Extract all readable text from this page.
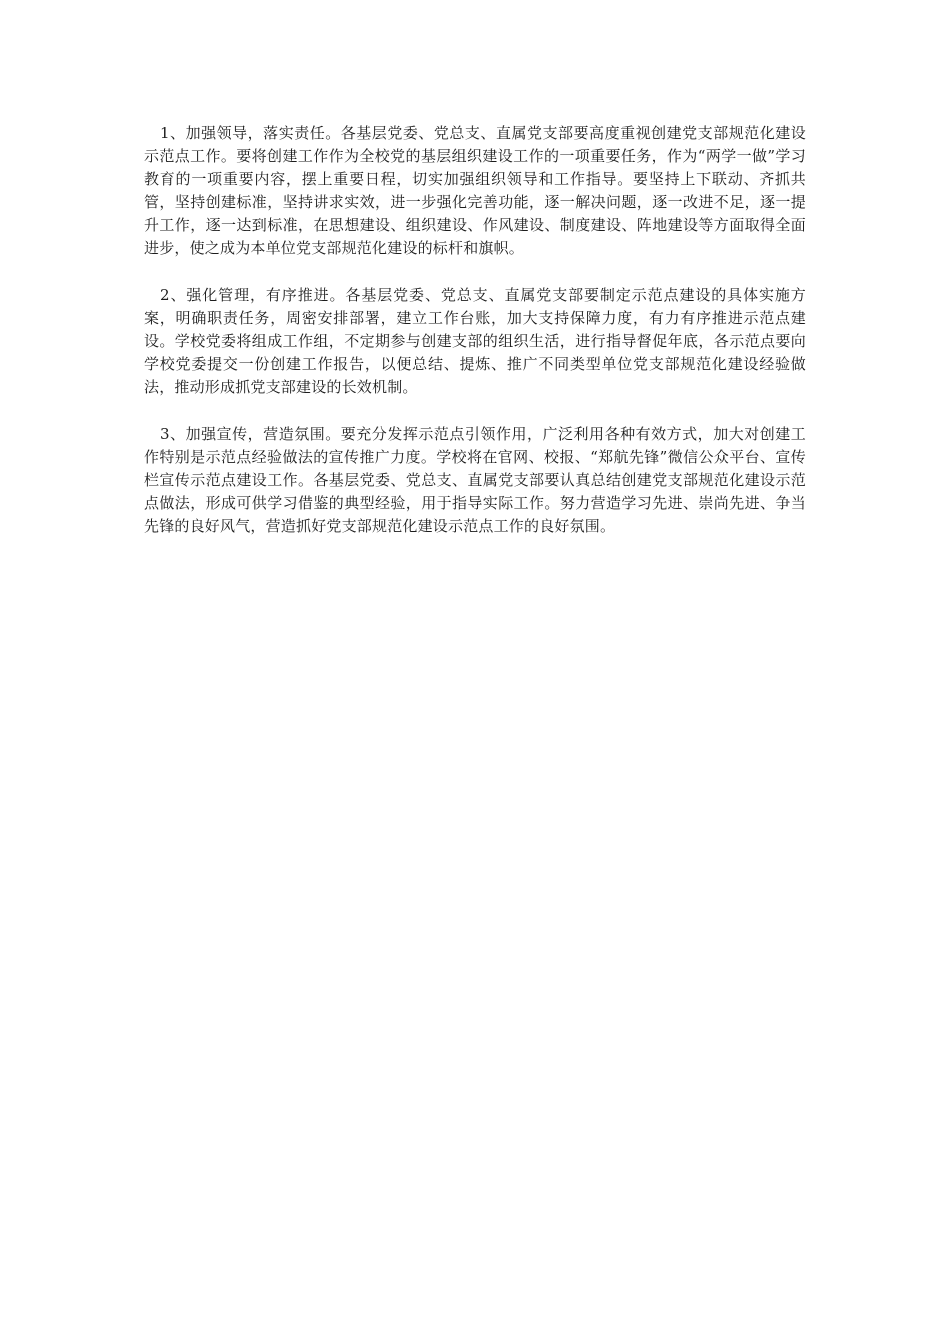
1、加强领导，落实责任。各基层党委、党总支、直属党支部要高度重视创建党支部规范化建设示范点工作。要将创建工作作为全校党的基层组织建设工作的一项重要任务，作为“两学一做”学习教育的一项重要内容，摆上重要日程，切实加强组织领导和工作指导。要坚持上下联动、齐抓共管，坚持创建标准，坚持讲求实效，进一步强化完善功能，逐一解决问题，逐一改进不足，逐一提升工作，逐一达到标准，在思想建设、组织建设、作风建设、制度建设、阵地建设等方面取得全面进步，使之成为本单位党支部规范化建设的标杆和旗帜。

2、强化管理，有序推进。各基层党委、党总支、直属党支部要制定示范点建设的具体实施方案，明确职责任务，周密安排部署，建立工作台账，加大支持保障力度，有力有序推进示范点建设。学校党委将组成工作组，不定期参与创建支部的组织生活，进行指导督促年底，各示范点要向学校党委提交一份创建工作报告，以便总结、提炼、推广不同类型单位党支部规范化建设经验做法，推动形成抓党支部建设的长效机制。

3、加强宣传，营造氛围。要充分发挥示范点引领作用，广泛利用各种有效方式，加大对创建工作特别是示范点经验做法的宣传推广力度。学校将在官网、校报、“郑航先锋”微信公众平台、宣传栏宣传示范点建设工作。各基层党委、党总支、直属党支部要认真总结创建党支部规范化建设示范点做法，形成可供学习借鉴的典型经验，用于指导实际工作。努力营造学习先进、崇尚先进、争当先锋的良好风气，营造抓好党支部规范化建设示范点工作的良好氛围。
